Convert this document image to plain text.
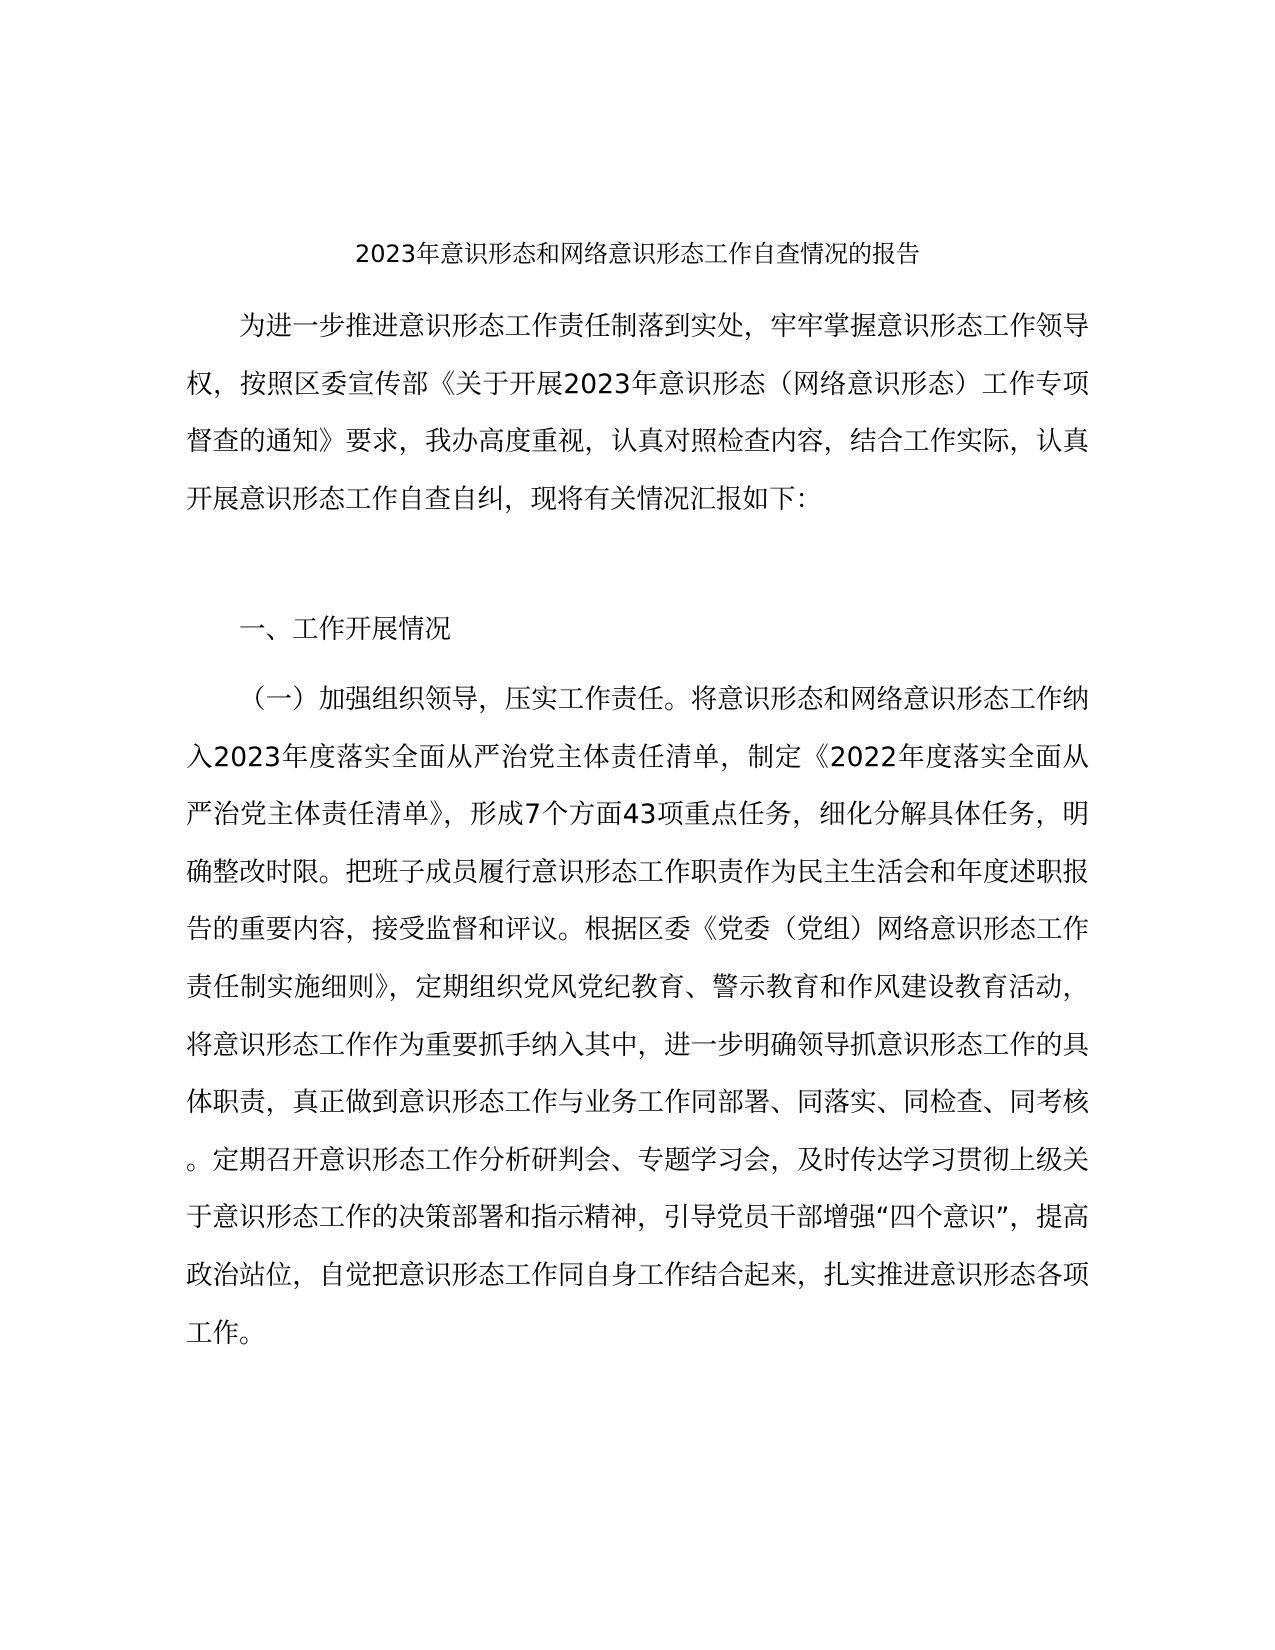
2023年意识形态和网络意识形态工作自查情况的报告

为进一步推进意识形态工作责任制落到实处，牢牢掌握意识形态工作领导权，按照区委宣传部《关于开展2023年意识形态（网络意识形态）工作专项督查的通知》要求，我办高度重视，认真对照检查内容，结合工作实际，认真开展意识形态工作自查自纠，现将有关情况汇报如下：

一、工作开展情况

（一）加强组织领导，压实工作责任。将意识形态和网络意识形态工作纳入2023年度落实全面从严治党主体责任清单，制定《2022年度落实全面从严治党主体责任清单》，形成7个方面43项重点任务，细化分解具体任务，明确整改时限。把班子成员履行意识形态工作职责作为民主生活会和年度述职报告的重要内容，接受监督和评议。根据区委《党委（党组）网络意识形态工作责任制实施细则》，定期组织党风党纪教育、警示教育和作风建设教育活动，将意识形态工作作为重要抓手纳入其中，进一步明确领导抓意识形态工作的具体职责，真正做到意识形态工作与业务工作同部署、同落实、同检查、同考核。定期召开意识形态工作分析研判会、专题学习会，及时传达学习贯彻上级关于意识形态工作的决策部署和指示精神，引导党员干部增强“四个意识”，提高政治站位，自觉把意识形态工作同自身工作结合起来，扎实推进意识形态各项工作。
